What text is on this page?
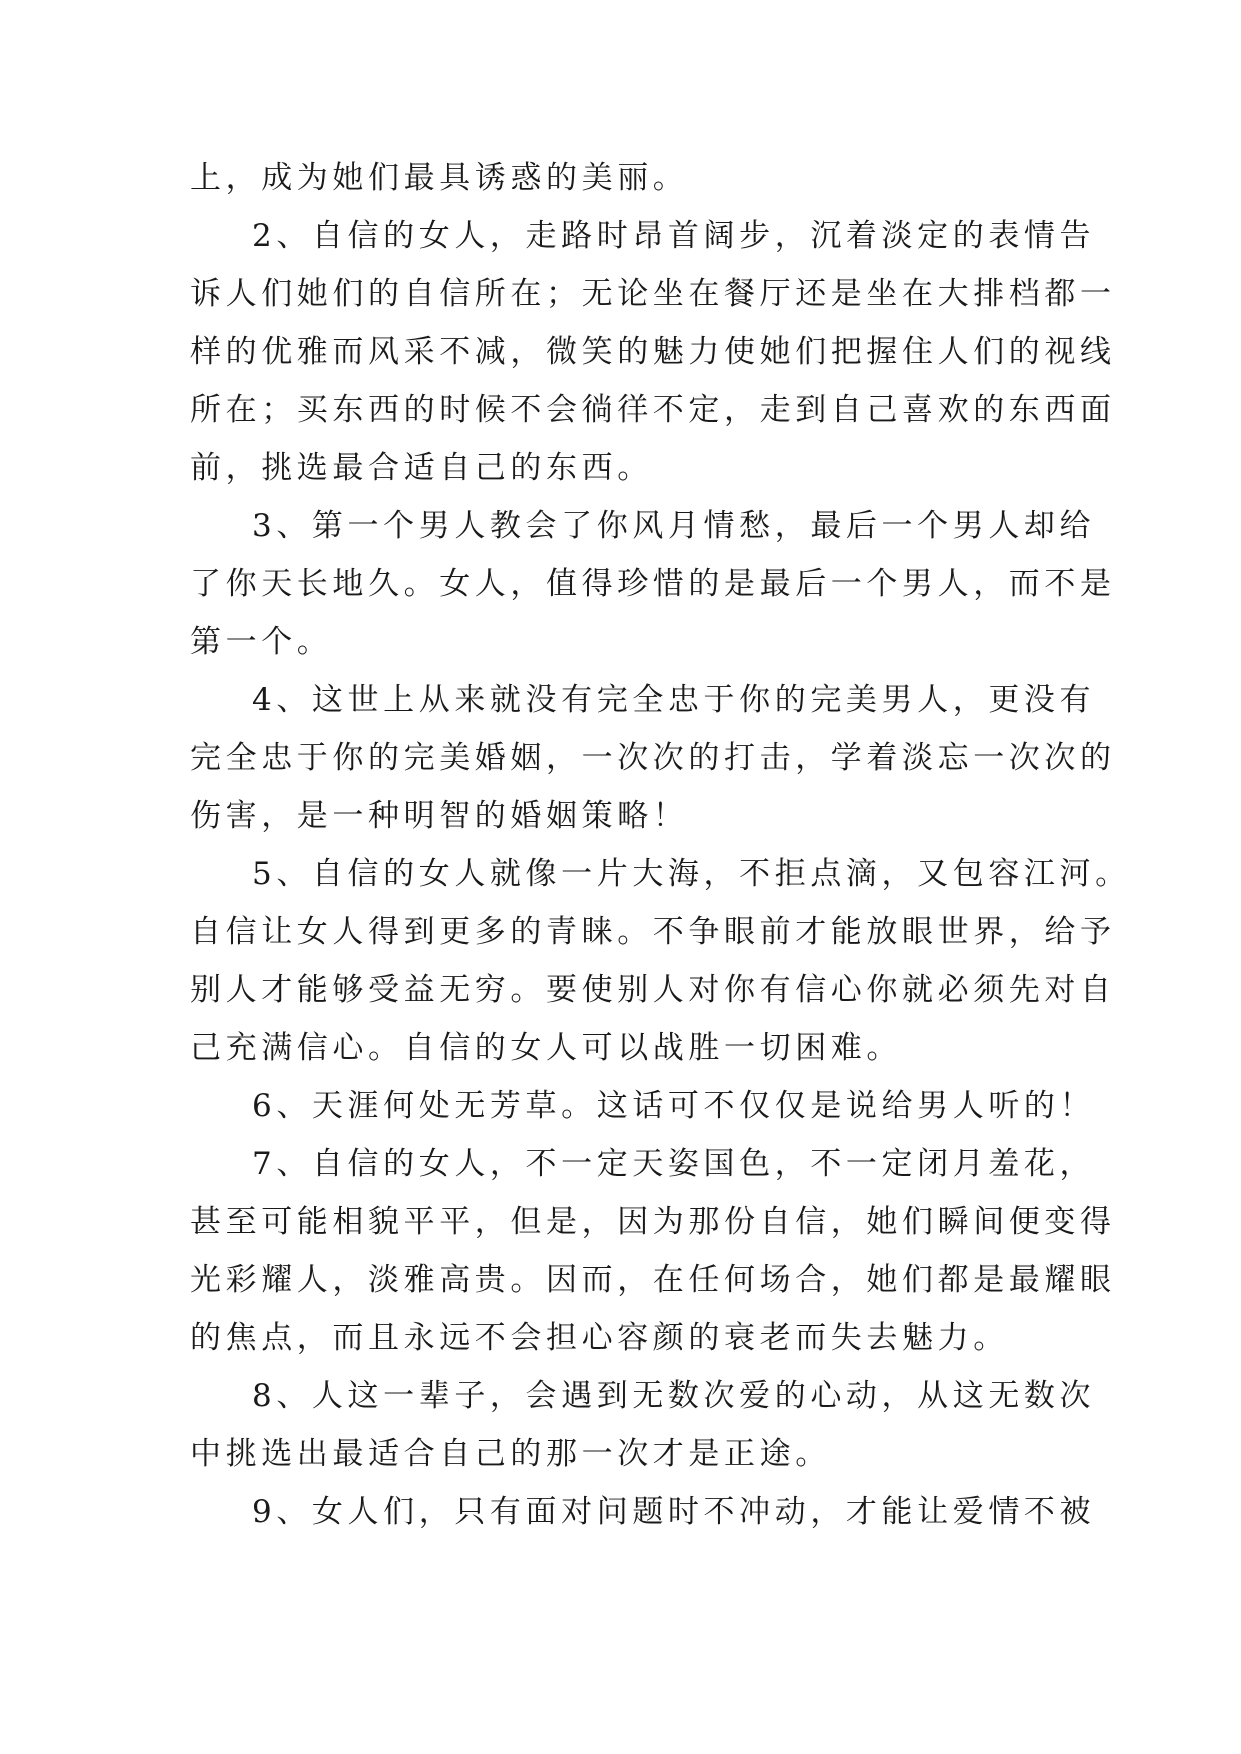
上，成为她们最具诱惑的美丽。
2、自信的女人，走路时昂首阔步，沉着淡定的表情告
诉人们她们的自信所在；无论坐在餐厅还是坐在大排档都一
样的优雅而风采不减，微笑的魅力使她们把握住人们的视线
所在；买东西的时候不会徜徉不定，走到自己喜欢的东西面
前，挑选最合适自己的东西。
3、第一个男人教会了你风月情愁，最后一个男人却给
了你天长地久。女人，值得珍惜的是最后一个男人，而不是
第一个。
4、这世上从来就没有完全忠于你的完美男人，更没有
完全忠于你的完美婚姻，一次次的打击，学着淡忘一次次的
伤害，是一种明智的婚姻策略！
5、自信的女人就像一片大海，不拒点滴，又包容江河。
自信让女人得到更多的青睐。不争眼前才能放眼世界，给予
别人才能够受益无穷。要使别人对你有信心你就必须先对自
己充满信心。自信的女人可以战胜一切困难。
6、天涯何处无芳草。这话可不仅仅是说给男人听的！
7、自信的女人，不一定天姿国色，不一定闭月羞花，
甚至可能相貌平平，但是，因为那份自信，她们瞬间便变得
光彩耀人，淡雅高贵。因而，在任何场合，她们都是最耀眼
的焦点，而且永远不会担心容颜的衰老而失去魅力。
8、人这一辈子，会遇到无数次爱的心动，从这无数次
中挑选出最适合自己的那一次才是正途。
9、女人们，只有面对问题时不冲动，才能让爱情不被
